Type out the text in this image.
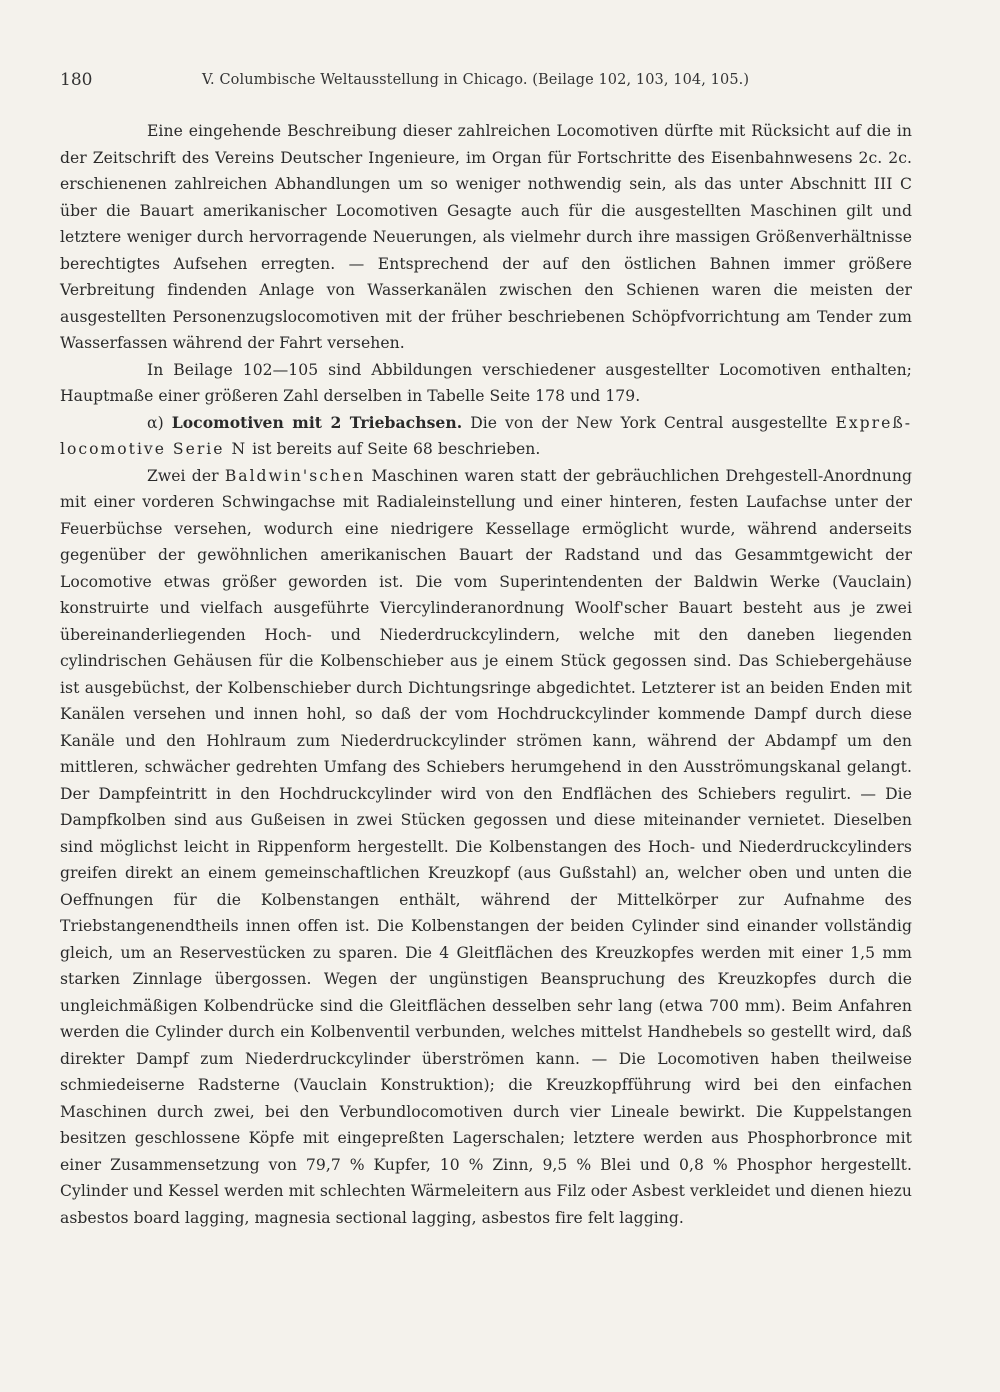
180	V. Columbische Weltausstellung in Chicago. (Beilage 102, 103, 104, 105.)

Eine eingehende Beschreibung dieser zahlreichen Locomotiven dürfte mit Rücksicht auf die in der Zeitschrift des Vereins Deutscher Ingenieure, im Organ für Fortschritte des Eisenbahnwesens 2c. 2c. erschienenen zahlreichen Abhandlungen um so weniger nothwendig sein, als das unter Abschnitt III C über die Bauart amerikanischer Locomotiven Gesagte auch für die ausgestellten Maschinen gilt und letztere weniger durch hervorragende Neuerungen, als vielmehr durch ihre massigen Größenverhältnisse berechtigtes Aufsehen erregten. — Entsprechend der auf den östlichen Bahnen immer größere Verbreitung findenden Anlage von Wasserkanälen zwischen den Schienen waren die meisten der ausgestellten Personenzugslocomotiven mit der früher beschriebenen Schöpfvorrichtung am Tender zum Wasserfassen während der Fahrt versehen.

In Beilage 102—105 sind Abbildungen verschiedener ausgestellter Locomotiven enthalten; Hauptmaße einer größeren Zahl derselben in Tabelle Seite 178 und 179.

α) Locomotiven mit 2 Triebachsen. Die von der New York Central ausgestellte Expreß-locomotive Serie N ist bereits auf Seite 68 beschrieben.

Zwei der Baldwin'schen Maschinen waren statt der gebräuchlichen Drehgestell-Anordnung mit einer vorderen Schwingachse mit Radialeinstellung und einer hinteren, festen Laufachse unter der Feuerbüchse versehen, wodurch eine niedrigere Kessellage ermöglicht wurde, während anderseits gegenüber der gewöhnlichen amerikanischen Bauart der Radstand und das Gesammtgewicht der Locomotive etwas größer geworden ist. Die vom Superintendenten der Baldwin Werke (Vauclain) konstruirte und vielfach ausgeführte Viercylinderanordnung Woolf'scher Bauart besteht aus je zwei übereinanderliegenden Hoch- und Niederdruckcylindern, welche mit den daneben liegenden cylindrischen Gehäusen für die Kolbenschieber aus je einem Stück gegossen sind. Das Schiebergehäuse ist ausgebüchst, der Kolbenschieber durch Dichtungsringe abgedichtet. Letzterer ist an beiden Enden mit Kanälen versehen und innen hohl, so daß der vom Hochdruckcylinder kommende Dampf durch diese Kanäle und den Hohlraum zum Niederdruckcylinder strömen kann, während der Abdampf um den mittleren, schwächer gedrehten Umfang des Schiebers herumgehend in den Ausströmungskanal gelangt. Der Dampfeintritt in den Hochdruckcylinder wird von den Endflächen des Schiebers regulirt. — Die Dampfkolben sind aus Gußeisen in zwei Stücken gegossen und diese miteinander vernietet. Dieselben sind möglichst leicht in Rippenform hergestellt. Die Kolbenstangen des Hoch- und Niederdruckcylinders greifen direkt an einem gemeinschaftlichen Kreuzkopf (aus Gußstahl) an, welcher oben und unten die Oeffnungen für die Kolbenstangen enthält, während der Mittelkörper zur Aufnahme des Triebstangenendtheils innen offen ist. Die Kolbenstangen der beiden Cylinder sind einander vollständig gleich, um an Reservestücken zu sparen. Die 4 Gleitflächen des Kreuzkopfes werden mit einer 1,5 mm starken Zinnlage übergossen. Wegen der ungünstigen Beanspruchung des Kreuzkopfes durch die ungleichmäßigen Kolbendrücke sind die Gleitflächen desselben sehr lang (etwa 700 mm). Beim Anfahren werden die Cylinder durch ein Kolbenventil verbunden, welches mittelst Handhebels so gestellt wird, daß direkter Dampf zum Niederdruckcylinder überströmen kann. — Die Locomotiven haben theilweise schmiedeiserne Radsterne (Vauclain Konstruktion); die Kreuzkopfführung wird bei den einfachen Maschinen durch zwei, bei den Verbundlocomotiven durch vier Lineale bewirkt. Die Kuppelstangen besitzen geschlossene Köpfe mit eingepreßten Lagerschalen; letztere werden aus Phosphorbronce mit einer Zusammensetzung von 79,7 % Kupfer, 10 % Zinn, 9,5 % Blei und 0,8 % Phosphor hergestellt. Cylinder und Kessel werden mit schlechten Wärmeleitern aus Filz oder Asbest verkleidet und dienen hiezu asbestos board lagging, magnesia sectional lagging, asbestos fire felt lagging.
